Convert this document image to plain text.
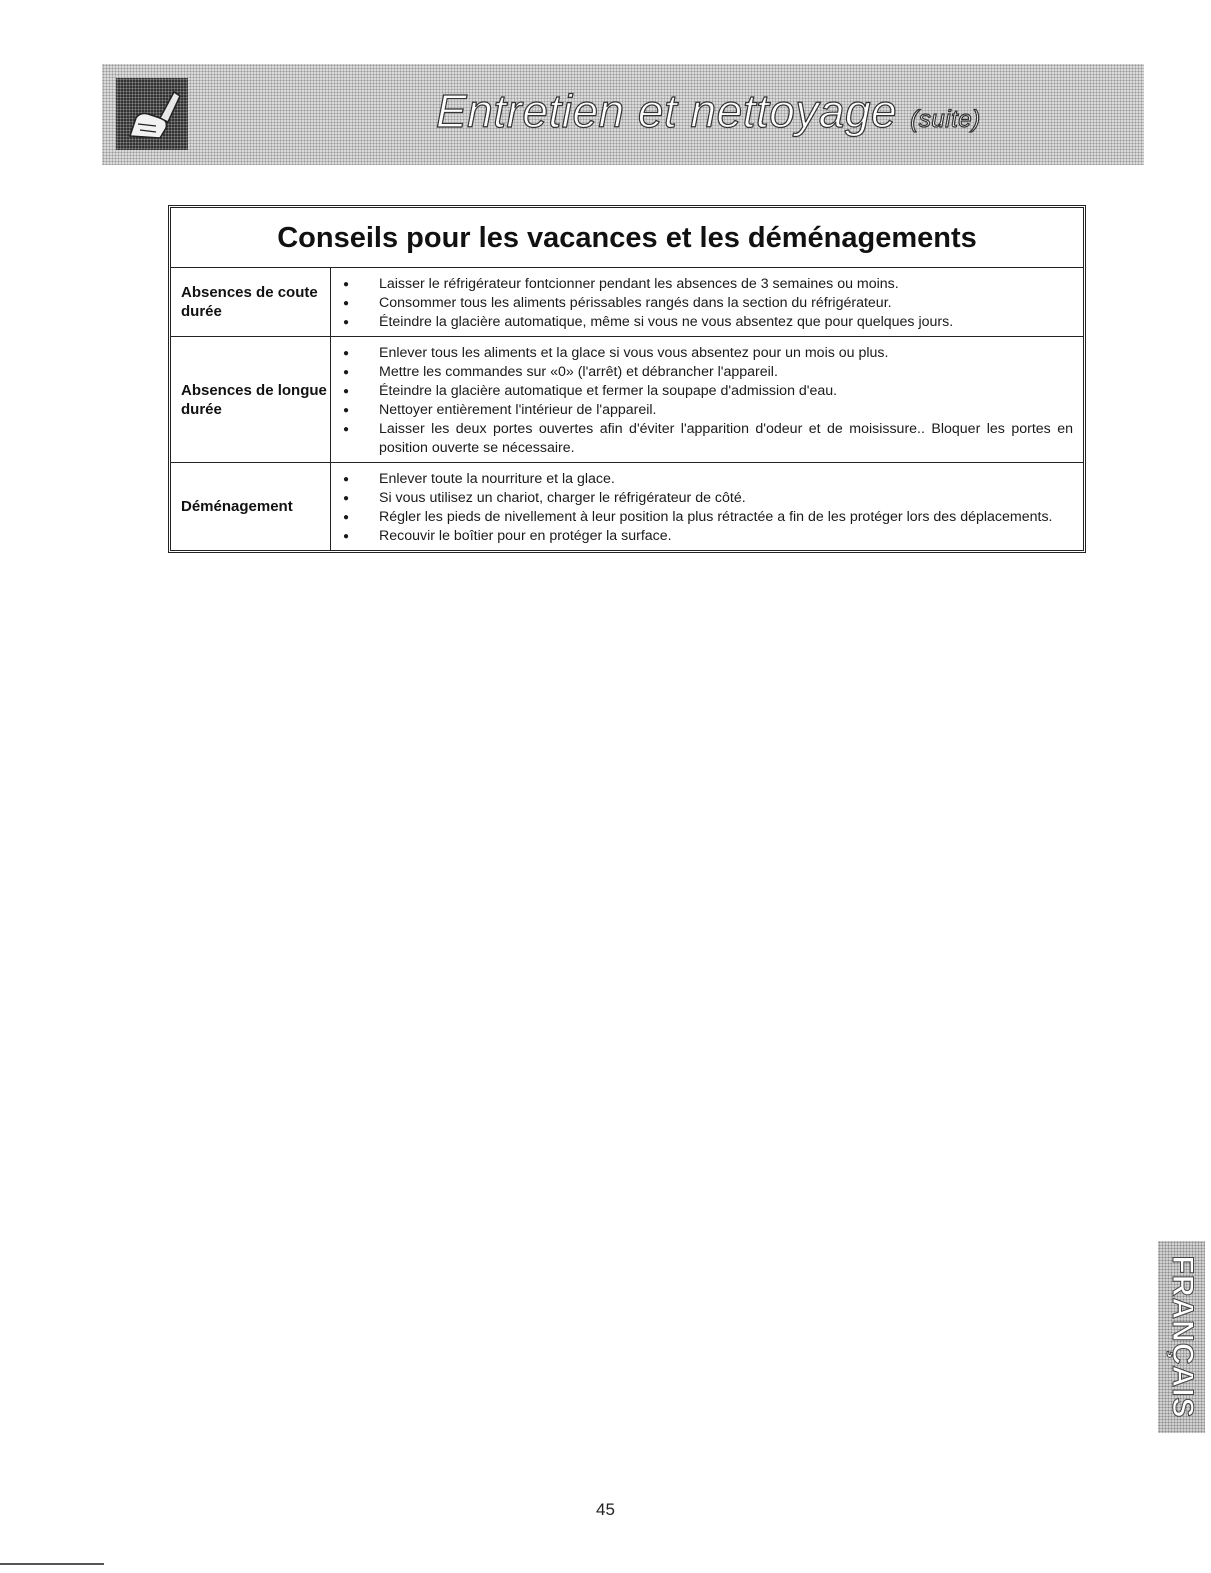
Entretien et nettoyage (suite)
Conseils pour les vacances et les déménagements
Absences de coute durée
●	Laisser le réfrigérateur fontcionner pendant les absences de 3 semaines ou moins.
●	Consommer tous les aliments périssables rangés dans la section du réfrigérateur.
●	Éteindre la glacière automatique, même si vous ne vous absentez que pour quelques jours.
Absences de longue durée
●	Enlever tous les aliments et la glace si vous vous absentez pour un mois ou plus.
●	Mettre les commandes sur «0» (l'arrêt) et débrancher l'appareil.
●	Éteindre la glacière automatique et fermer la soupape d'admission d'eau.
●	Nettoyer entièrement l'intérieur de l'appareil.
●	Laisser les deux portes ouvertes afin d'éviter l'apparition d'odeur et de moisissure.. Bloquer les portes en position ouverte se nécessaire.
Déménagement
●	Enlever toute la nourriture et la glace.
●	Si vous utilisez un chariot, charger le réfrigérateur de côté.
●	Régler les pieds de nivellement à leur position la plus rétractée a fin de les protéger lors des déplacements.
●	Recouvir le boîtier pour en protéger la surface.
FRANÇAIS
45
